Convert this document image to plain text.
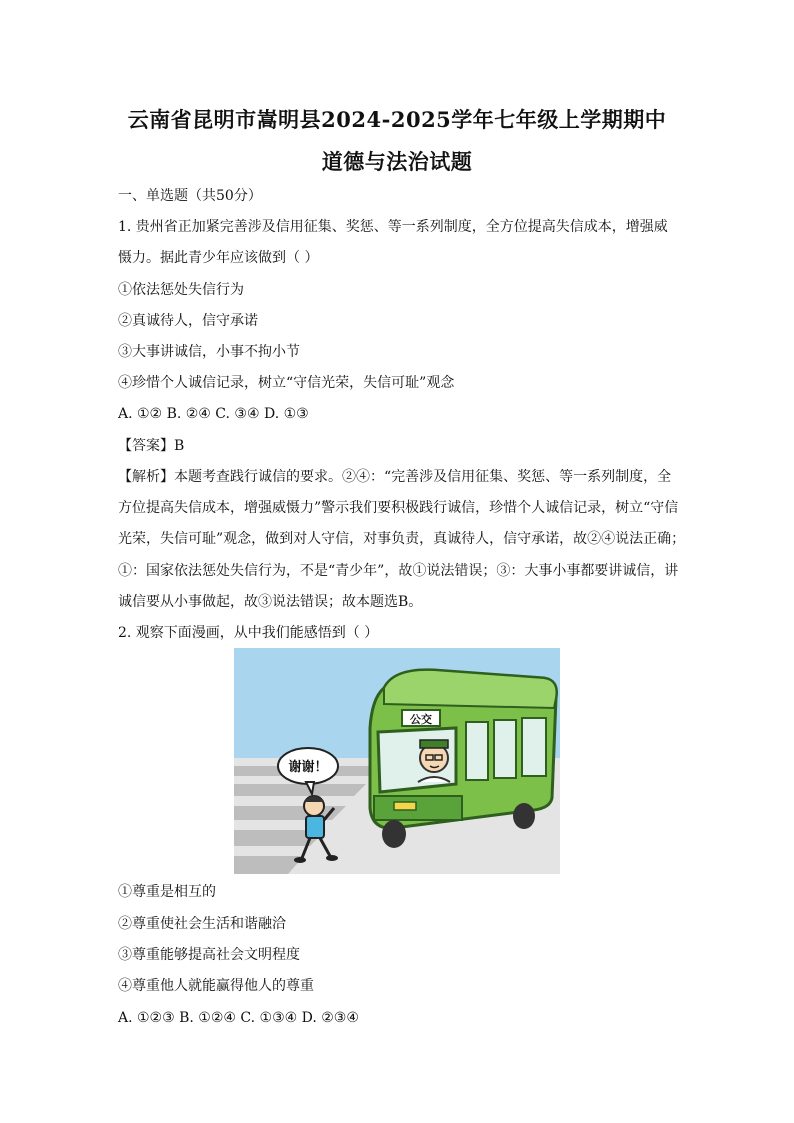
云南省昆明市嵩明县2024-2025学年七年级上学期期中
道德与法治试题
一、单选题（共50分）
1. 贵州省正加紧完善涉及信用征集、奖惩、等一系列制度，全方位提高失信成本，增强威
慑力。据此青少年应该做到（ ）
①依法惩处失信行为
②真诚待人，信守承诺
③大事讲诚信，小事不拘小节
④珍惜个人诚信记录，树立“守信光荣，失信可耻”观念
A. ①② B. ②④ C. ③④ D. ①③
【答案】B
【解析】本题考查践行诚信的要求。②④：“完善涉及信用征集、奖惩、等一系列制度，全
方位提高失信成本，增强威慑力”警示我们要积极践行诚信，珍惜个人诚信记录，树立“守信
光荣，失信可耻”观念，做到对人守信，对事负责，真诚待人，信守承诺，故②④说法正确；
①：国家依法惩处失信行为，不是“青少年”，故①说法错误；③：大事小事都要讲诚信，讲
诚信要从小事做起，故③说法错误；故本题选B。
2. 观察下面漫画，从中我们能感悟到（ ）
公交
谢谢！
①尊重是相互的
②尊重使社会生活和谐融洽
③尊重能够提高社会文明程度
④尊重他人就能赢得他人的尊重
A. ①②③ B. ①②④ C. ①③④ D. ②③④
